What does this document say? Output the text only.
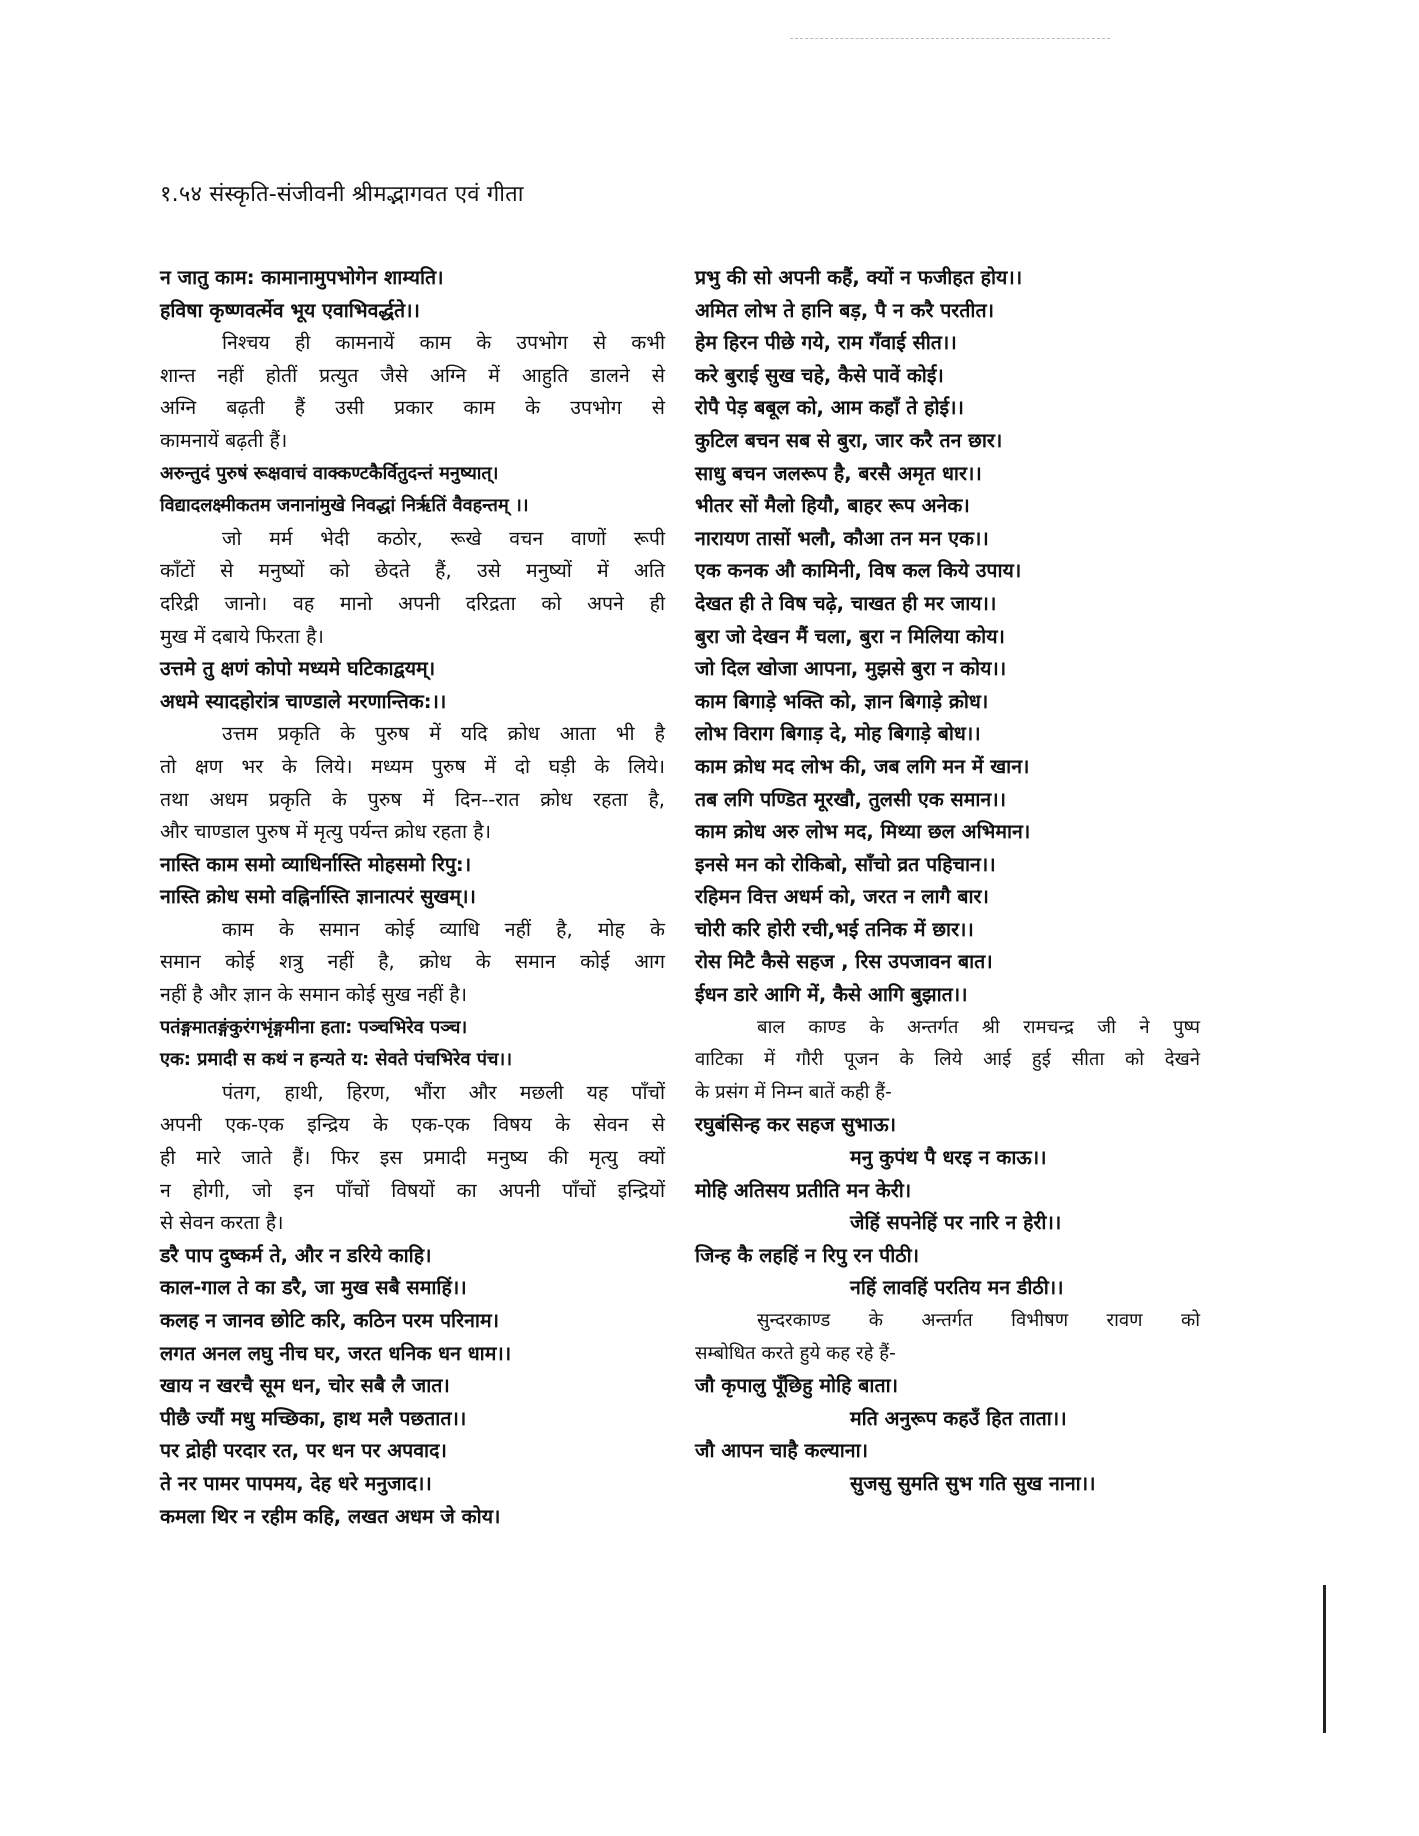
१.५४ संस्कृति-संजीवनी श्रीमद्भागवत एवं गीता
न जातु काम: कामानामुपभोगेन शाम्यति।
हविषा कृष्णवर्त्मेव भूय एवाभिवर्द्धते।।
निश्चय ही कामनायें काम के उपभोग से कभी
शान्त नहीं होतीं प्रत्युत जैसे अग्नि में आहुति डालने से
अग्नि बढ़ती हैं उसी प्रकार काम के उपभोग से
कामनायें बढ़ती हैं।
अरुन्तुदं पुरुषं रूक्षवाचं वाक्कण्टकैर्वितुदन्तं मनुष्यात्।
विद्यादलक्ष्मीकतम जनानांमुखे निवद्धां निर्ऋतिं वैवहन्तम् ।।
जो मर्म भेदी कठोर, रूखे वचन वाणों रूपी
काँटों से मनुष्यों को छेदते हैं, उसे मनुष्यों में अति
दरिद्री जानो। वह मानो अपनी दरिद्रता को अपने ही
मुख में दबाये फिरता है।
उत्तमे तु क्षणं कोपो मध्यमे घटिकाद्वयम्।
अधमे स्यादहोरांत्र चाण्डाले मरणान्तिक:।।
उत्तम प्रकृति के पुरुष में यदि क्रोध आता भी है
तो क्षण भर के लिये। मध्यम पुरुष में दो घड़ी के लिये।
तथा अधम प्रकृति के पुरुष में दिन--रात क्रोध रहता है,
और चाण्डाल पुरुष में मृत्यु पर्यन्त क्रोध रहता है।
नास्ति काम समो व्याधिर्नास्ति मोहसमो रिपु:।
नास्ति क्रोध समो वह्निर्नास्ति ज्ञानात्परं सुखम्।।
काम के समान कोई व्याधि नहीं है, मोह के
समान कोई शत्रु नहीं है, क्रोध के समान कोई आग
नहीं है और ज्ञान के समान कोई सुख नहीं है।
पतंङ्गमातङ्गंकुरंगभृंङ्गमीना हता: पञ्चभिरेव पञ्च।
एक: प्रमादी स कथं न हन्यते य: सेवते पंचभिरेव पंच।।
पंतग, हाथी, हिरण, भौंरा और मछली यह पाँचों
अपनी एक-एक इन्द्रिय के एक-एक विषय के सेवन से
ही मारे जाते हैं। फिर इस प्रमादी मनुष्य की मृत्यु क्यों
न होगी, जो इन पाँचों विषयों का अपनी पाँचों इन्द्रियों
से सेवन करता है।
डरै पाप दुष्कर्म ते, और न डरिये काहि।
काल-गाल ते का डरै, जा मुख सबै समाहिं।।
कलह न जानव छोटि करि, कठिन परम परिनाम।
लगत अनल लघु नीच घर, जरत धनिक धन धाम।।
खाय न खरचै सूम धन, चोर सबै लै जात।
पीछै ज्यौं मधु मच्छिका, हाथ मलै पछतात।।
पर द्रोही परदार रत, पर धन पर अपवाद।
ते नर पामर पापमय, देह धरे मनुजाद।।
कमला थिर न रहीम कहि, लखत अधम जे कोय।
प्रभु की सो अपनी कहैं, क्यों न फजीहत होय।।
अमित लोभ ते हानि बड़, पै न करै परतीत।
हेम हिरन पीछे गये, राम गँवाई सीत।।
करे बुराई सुख चहे, कैसे पावें कोई।
रोपै पेड़ बबूल को, आम कहाँ ते होई।।
कुटिल बचन सब से बुरा, जार करै तन छार।
साधु बचन जलरूप है, बरसै अमृत धार।।
भीतर सों मैलो हियौ, बाहर रूप अनेक।
नारायण तासों भलौ, कौआ तन मन एक।।
एक कनक औ कामिनी, विष कल किये उपाय।
देखत ही ते विष चढ़े, चाखत ही मर जाय।।
बुरा जो देखन मैं चला, बुरा न मिलिया कोय।
जो दिल खोजा आपना, मुझसे बुरा न कोय।।
काम बिगाड़े भक्ति को, ज्ञान बिगाड़े क्रोध।
लोभ विराग बिगाड़ दे, मोह बिगाड़े बोध।।
काम क्रोध मद लोभ की, जब लगि मन में खान।
तब लगि पण्डित मूरखौ, तुलसी एक समान।।
काम क्रोध अरु लोभ मद, मिथ्या छल अभिमान।
इनसे मन को रोकिबो, साँचो व्रत पहिचान।।
रहिमन वित्त अधर्म को, जरत न लागै बार।
चोरी करि होरी रची,भई तनिक में छार।।
रोस मिटै कैसे सहज , रिस उपजावन बात।
ईधन डारे आगि में, कैसे आगि बुझात।।
बाल काण्ड के अन्तर्गत श्री रामचन्द्र जी ने पुष्प
वाटिका में गौरी पूजन के लिये आई हुई सीता को देखने
के प्रसंग में निम्न बातें कही हैं-
रघुबंसिन्ह कर सहज सुभाऊ।
मनु कुपंथ पै धरइ न काऊ।।
मोहि अतिसय प्रतीति मन केरी।
जेहिं सपनेहिं पर नारि न हेरी।।
जिन्ह कै लहहिं न रिपु रन पीठी।
नहिं लावहिं परतिय मन डीठी।।
सुन्दरकाण्ड के अन्तर्गत विभीषण रावण को
सम्बोधित करते हुये कह रहे हैं-
जौ कृपालु पूँछिहु मोहि बाता।
मति अनुरूप कहउँ हित ताता।।
जौ आपन चाहै कल्याना।
सुजसु सुमति सुभ गति सुख नाना।।
